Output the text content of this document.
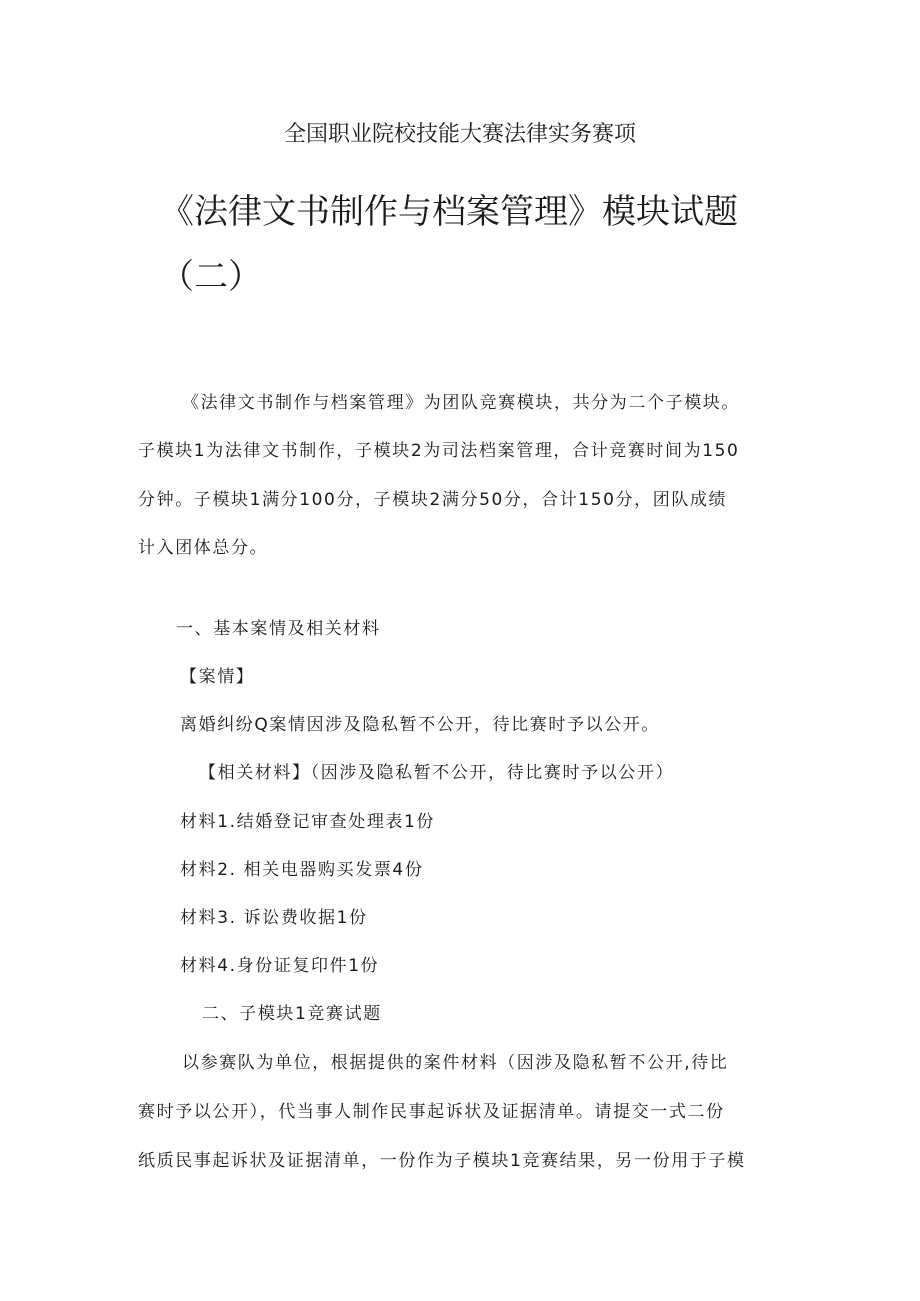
全国职业院校技能大赛法律实务赛项
《法律文书制作与档案管理》模块试题
（二）
《法律文书制作与档案管理》为团队竞赛模块，共分为二个子模块。
子模块1为法律文书制作，子模块2为司法档案管理，合计竞赛时间为150
分钟。子模块1满分100分，子模块2满分50分，合计150分，团队成绩
计入团体总分。
一、基本案情及相关材料
【案情】
离婚纠纷Q案情因涉及隐私暂不公开，待比赛时予以公开。
【相关材料】（因涉及隐私暂不公开，待比赛时予以公开）
材料1.结婚登记审查处理表1份
材料2. 相关电器购买发票4份
材料3. 诉讼费收据1份
材料4.身份证复印件1份
二、子模块1竞赛试题
以参赛队为单位，根据提供的案件材料（因涉及隐私暂不公开,待比
赛时予以公开），代当事人制作民事起诉状及证据清单。请提交一式二份
纸质民事起诉状及证据清单，一份作为子模块1竞赛结果，另一份用于子模
